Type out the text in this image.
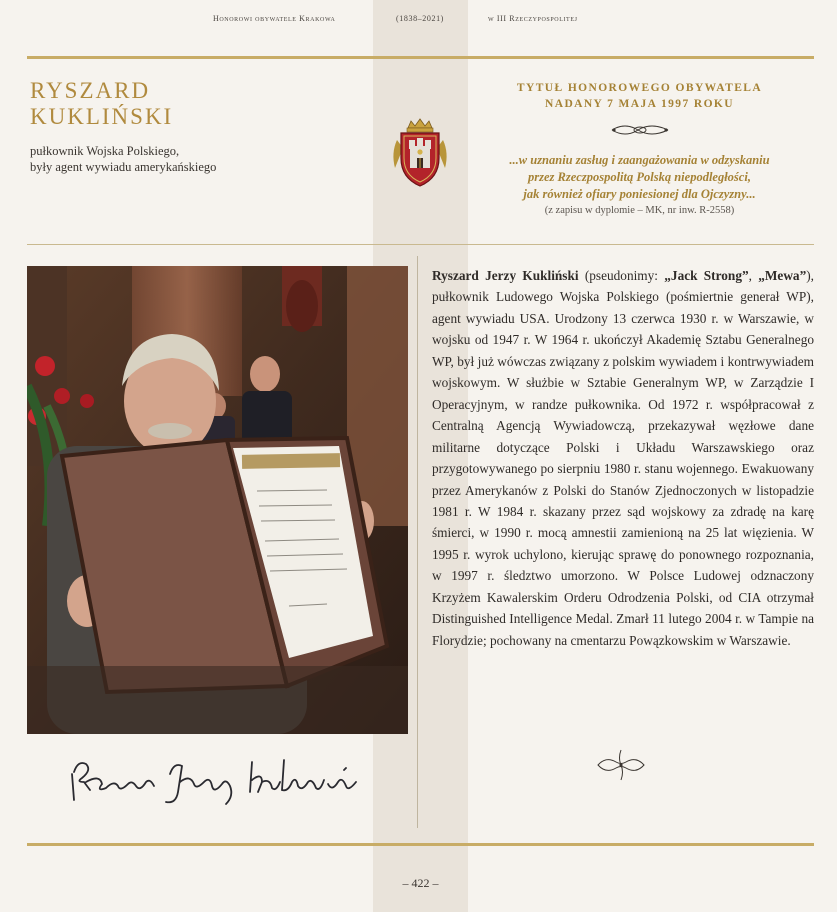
Honorowi obywatele Krakowa	(1838–2021)	w III Rzeczypospolitej
RYSZARD
KUKLIŃSKI
pułkownik Wojska Polskiego,
były agent wywiadu amerykańskiego
TYTUŁ HONOROWEGO OBYWATELA
NADANY 7 MAJA 1997 ROKU
...w uznaniu zasług i zaangażowania w odzyskaniu
przez Rzeczpospolitą Polską niepodległości,
jak również ofiary poniesionej dla Ojczyzny...
(z zapisu w dyplomie – MK, nr inw. R-2558)

Ryszard Jerzy Kukliński (pseudonimy: „Jack Strong”, „Mewa”), pułkownik Ludowego Wojska Polskiego (pośmiertnie generał WP), agent wywiadu USA. Urodzony 13 czerwca 1930 r. w Warszawie, w wojsku od 1947 r. W 1964 r. ukończył Akademię Sztabu Generalnego WP, był już wówczas związany z polskim wywiadem i kontrwywiadem wojskowym. W służbie w Sztabie Generalnym WP, w Zarządzie I Operacyjnym, w randze pułkownika. Od 1972 r. współpracował z Centralną Agencją Wywiadowczą, przekazywał węzłowe dane militarne dotyczące Polski i Układu Warszawskiego oraz przygotowywanego po sierpniu 1980 r. stanu wojennego. Ewakuowany przez Amerykanów z Polski do Stanów Zjednoczonych w listopadzie 1981 r. W 1984 r. skazany przez sąd wojskowy za zdradę na karę śmierci, w 1990 r. mocą amnestii zamienioną na 25 lat więzienia. W 1995 r. wyrok uchylono, kierując sprawę do ponownego rozpoznania, w 1997 r. śledztwo umorzono. W Polsce Ludowej odznaczony Krzyżem Kawalerskim Orderu Odrodzenia Polski, od CIA otrzymał Distinguished Intelligence Medal. Zmarł 11 lutego 2004 r. w Tampie na Florydzie; pochowany na cmentarzu Powązkowskim w Warszawie.

– 422 –
